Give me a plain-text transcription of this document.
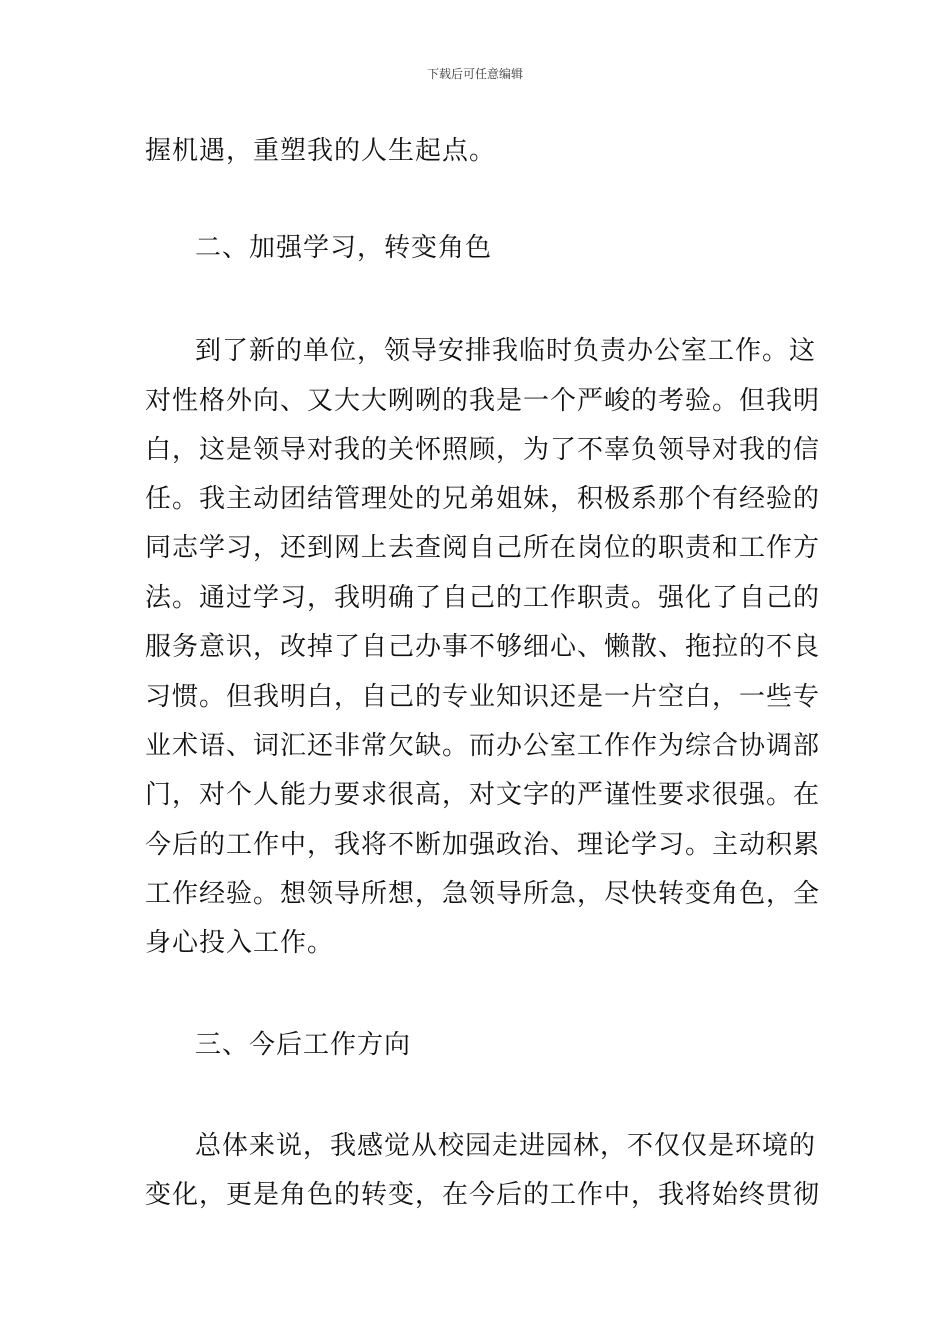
下载后可任意编辑
握机遇，重塑我的人生起点。
二、加强学习，转变角色
到了新的单位，领导安排我临时负责办公室工作。这
对性格外向、又大大咧咧的我是一个严峻的考验。但我明
白，这是领导对我的关怀照顾，为了不辜负领导对我的信
任。我主动团结管理处的兄弟姐妹，积极系那个有经验的
同志学习，还到网上去查阅自己所在岗位的职责和工作方
法。通过学习，我明确了自己的工作职责。强化了自己的
服务意识，改掉了自己办事不够细心、懒散、拖拉的不良
习惯。但我明白，自己的专业知识还是一片空白，一些专
业术语、词汇还非常欠缺。而办公室工作作为综合协调部
门，对个人能力要求很高，对文字的严谨性要求很强。在
今后的工作中，我将不断加强政治、理论学习。主动积累
工作经验。想领导所想，急领导所急，尽快转变角色，全
身心投入工作。
三、今后工作方向
总体来说，我感觉从校园走进园林，不仅仅是环境的
变化，更是角色的转变，在今后的工作中，我将始终贯彻
